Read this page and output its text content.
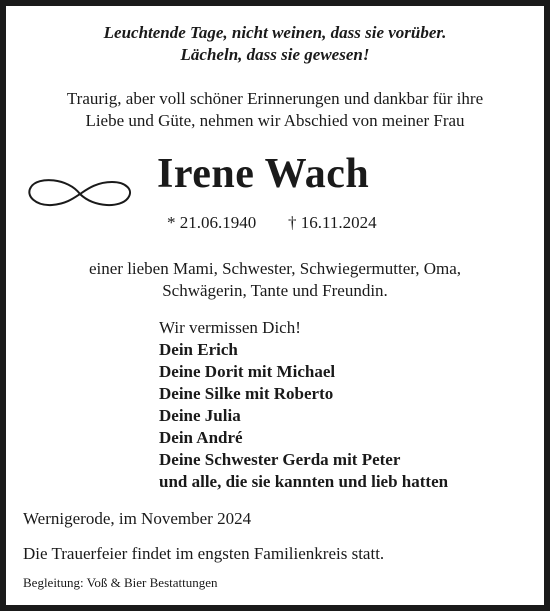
Leuchtende Tage, nicht weinen, dass sie vorüber.

Lächeln, dass sie gewesen!

Traurig, aber voll schöner Erinnerungen und dankbar für ihre

Liebe und Güte, nehmen wir Abschied von meiner Frau

Irene Wach

* 21.06.1940 † 16.11.2024

einer lieben Mami, Schwester, Schwiegermutter, Oma,

Schwägerin, Tante und Freundin.

Wir vermissen Dich!
Dein Erich
Deine Dorit mit Michael
Deine Silke mit Roberto
Deine Julia
Dein André
Deine Schwester Gerda mit Peter
und alle, die sie kannten und lieb hatten

Wernigerode, im November 2024

Die Trauerfeier findet im engsten Familienkreis statt.

Begleitung: Voß & Bier Bestattungen
